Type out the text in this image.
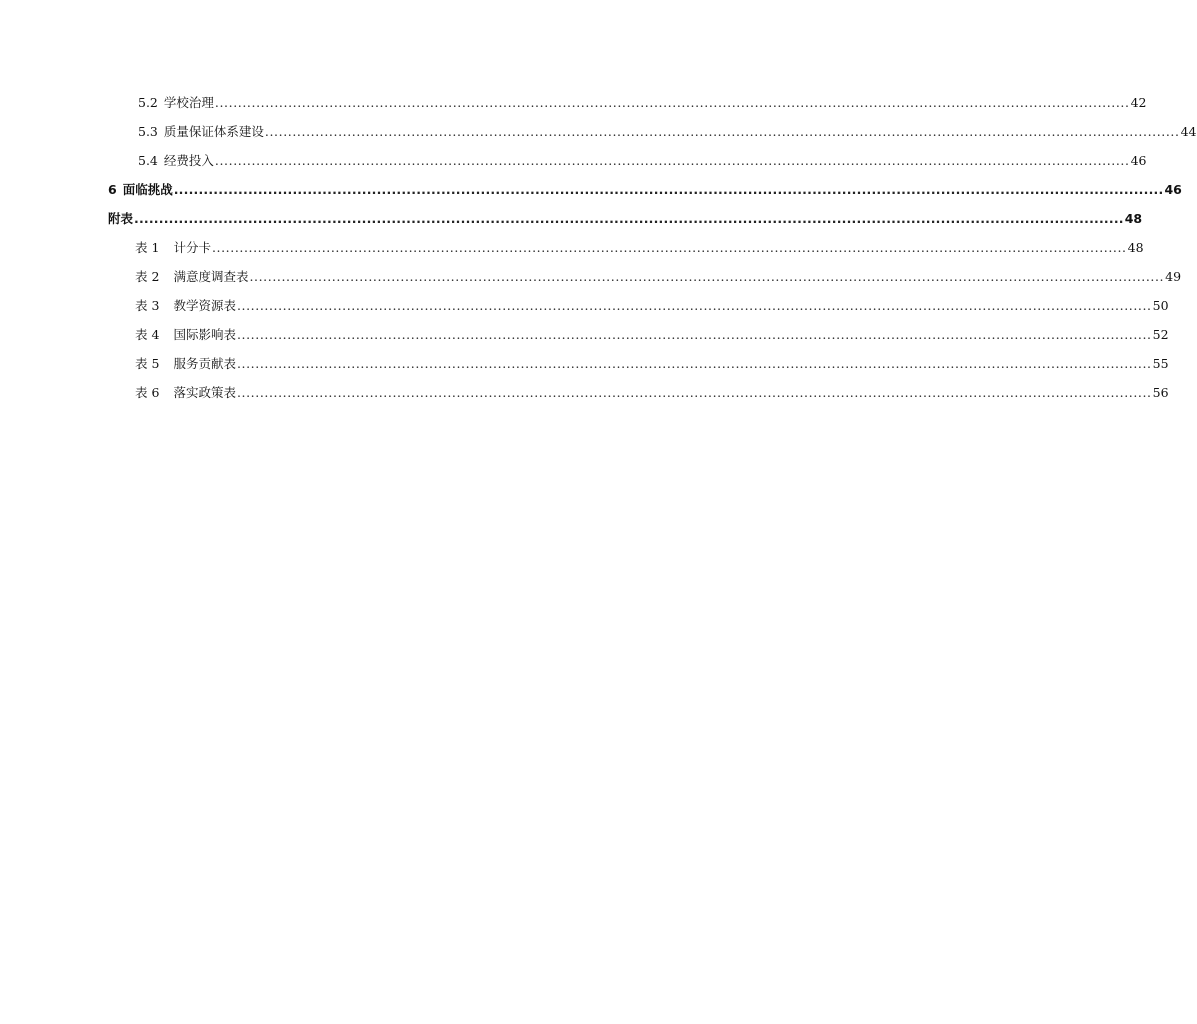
5.2 学校治理 ........................................................................................................................................................................................................ 42
5.3 质量保证体系建设 ........................................................................................................................................................................................................ 44
5.4 经费投入 ........................................................................................................................................................................................................ 46
6 面临挑战 ........................................................................................................................................................................................................ 46
附表 ........................................................................................................................................................................................................ 48
表 1 计分卡 ........................................................................................................................................................................................................ 48
表 2 满意度调查表 ........................................................................................................................................................................................................ 49
表 3 教学资源表 ........................................................................................................................................................................................................ 50
表 4 国际影响表 ........................................................................................................................................................................................................ 52
表 5 服务贡献表 ........................................................................................................................................................................................................ 55
表 6 落实政策表 ........................................................................................................................................................................................................ 56
